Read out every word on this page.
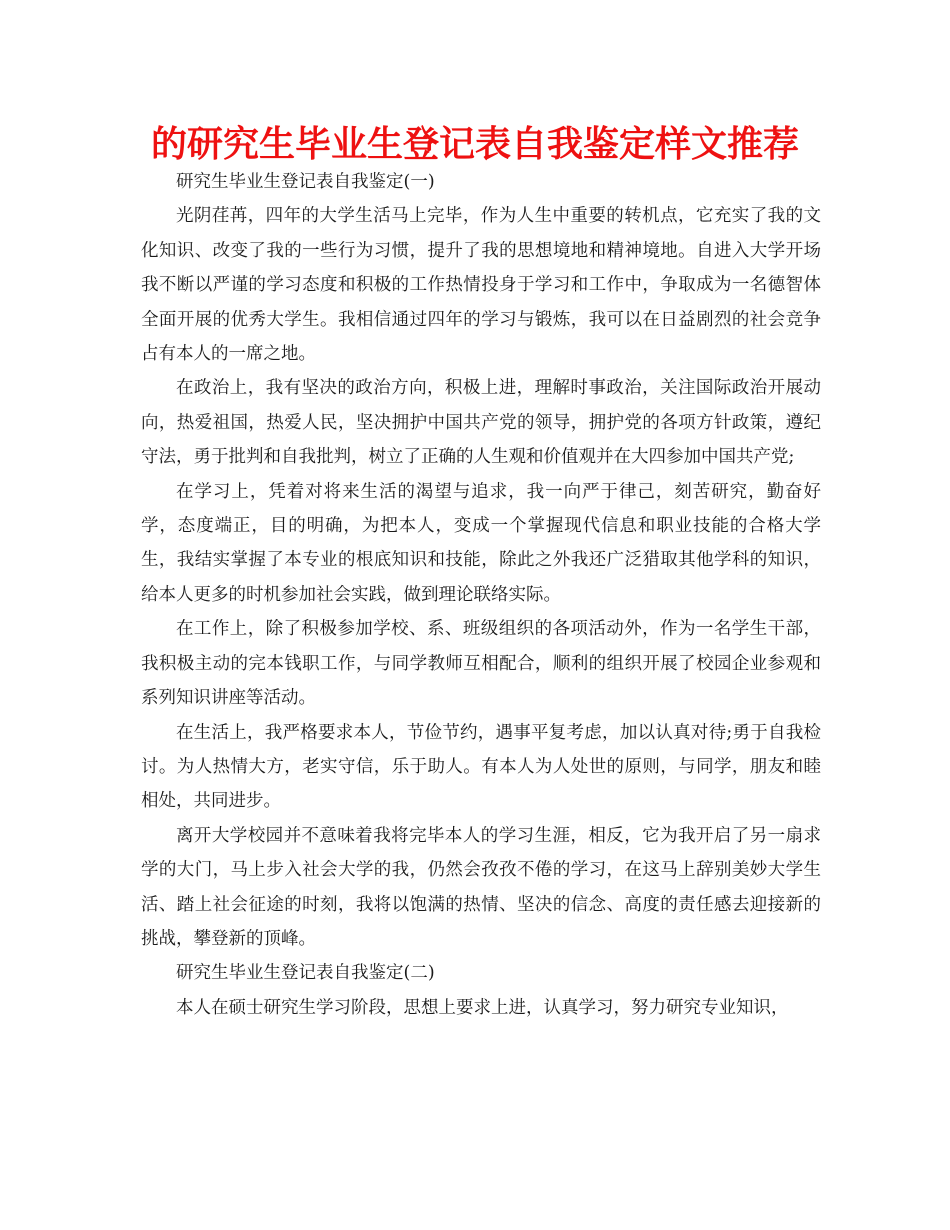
的研究生毕业生登记表自我鉴定样文推荐

研究生毕业生登记表自我鉴定(一)

光阴荏苒，四年的大学生活马上完毕，作为人生中重要的转机点，它充实了我的文化知识、改变了我的一些行为习惯，提升了我的思想境地和精神境地。自进入大学开场我不断以严谨的学习态度和积极的工作热情投身于学习和工作中，争取成为一名德智体全面开展的优秀大学生。我相信通过四年的学习与锻炼，我可以在日益剧烈的社会竞争占有本人的一席之地。

在政治上，我有坚决的政治方向，积极上进，理解时事政治，关注国际政治开展动向，热爱祖国，热爱人民，坚决拥护中国共产党的领导，拥护党的各项方针政策，遵纪守法，勇于批判和自我批判，树立了正确的人生观和价值观并在大四参加中国共产党;

在学习上，凭着对将来生活的渴望与追求，我一向严于律己，刻苦研究，勤奋好学，态度端正，目的明确，为把本人，变成一个掌握现代信息和职业技能的合格大学生，我结实掌握了本专业的根底知识和技能，除此之外我还广泛猎取其他学科的知识，给本人更多的时机参加社会实践，做到理论联络实际。

在工作上，除了积极参加学校、系、班级组织的各项活动外，作为一名学生干部，我积极主动的完本钱职工作，与同学教师互相配合，顺利的组织开展了校园企业参观和系列知识讲座等活动。

在生活上，我严格要求本人，节俭节约，遇事平复考虑，加以认真对待;勇于自我检讨。为人热情大方，老实守信，乐于助人。有本人为人处世的原则，与同学，朋友和睦相处，共同进步。

离开大学校园并不意味着我将完毕本人的学习生涯，相反，它为我开启了另一扇求学的大门，马上步入社会大学的我，仍然会孜孜不倦的学习，在这马上辞别美妙大学生活、踏上社会征途的时刻，我将以饱满的热情、坚决的信念、高度的责任感去迎接新的挑战，攀登新的顶峰。

研究生毕业生登记表自我鉴定(二)

本人在硕士研究生学习阶段，思想上要求上进，认真学习，努力研究专业知识，
